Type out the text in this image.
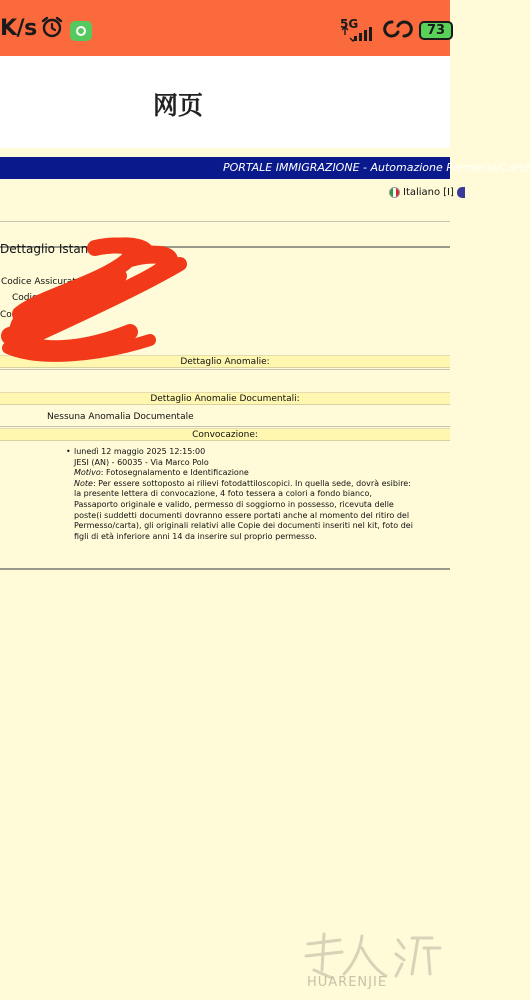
K/s	5G	73
网页
PORTALE IMMIGRAZIONE - Automazione Permessi/Carte
Italiano [I]
Dettaglio Istanza 1 di 1
Codice Assicurat
Codice
Codi
Dettaglio Anomalie:
Dettaglio Anomalie Documentali:
Nessuna Anomalia Documentale
Convocazione:
• lunedì 12 maggio 2025 12:15:00
JESI (AN) - 60035 - Via Marco Polo
Motivo: Fotosegnalamento e Identificazione
Note: Per essere sottoposto ai rilievi fotodattiloscopici. In quella sede, dovrà esibire: la presente lettera di convocazione, 4 foto tessera a colori a fondo bianco, Passaporto originale e valido, permesso di soggiorno in possesso, ricevuta delle poste(i suddetti documenti dovranno essere portati anche al momento del ritiro del Permesso/carta), gli originali relativi alle Copie dei documenti inseriti nel kit, foto dei figli di età inferiore anni 14 da inserire sul proprio permesso.
HUARENJIE
